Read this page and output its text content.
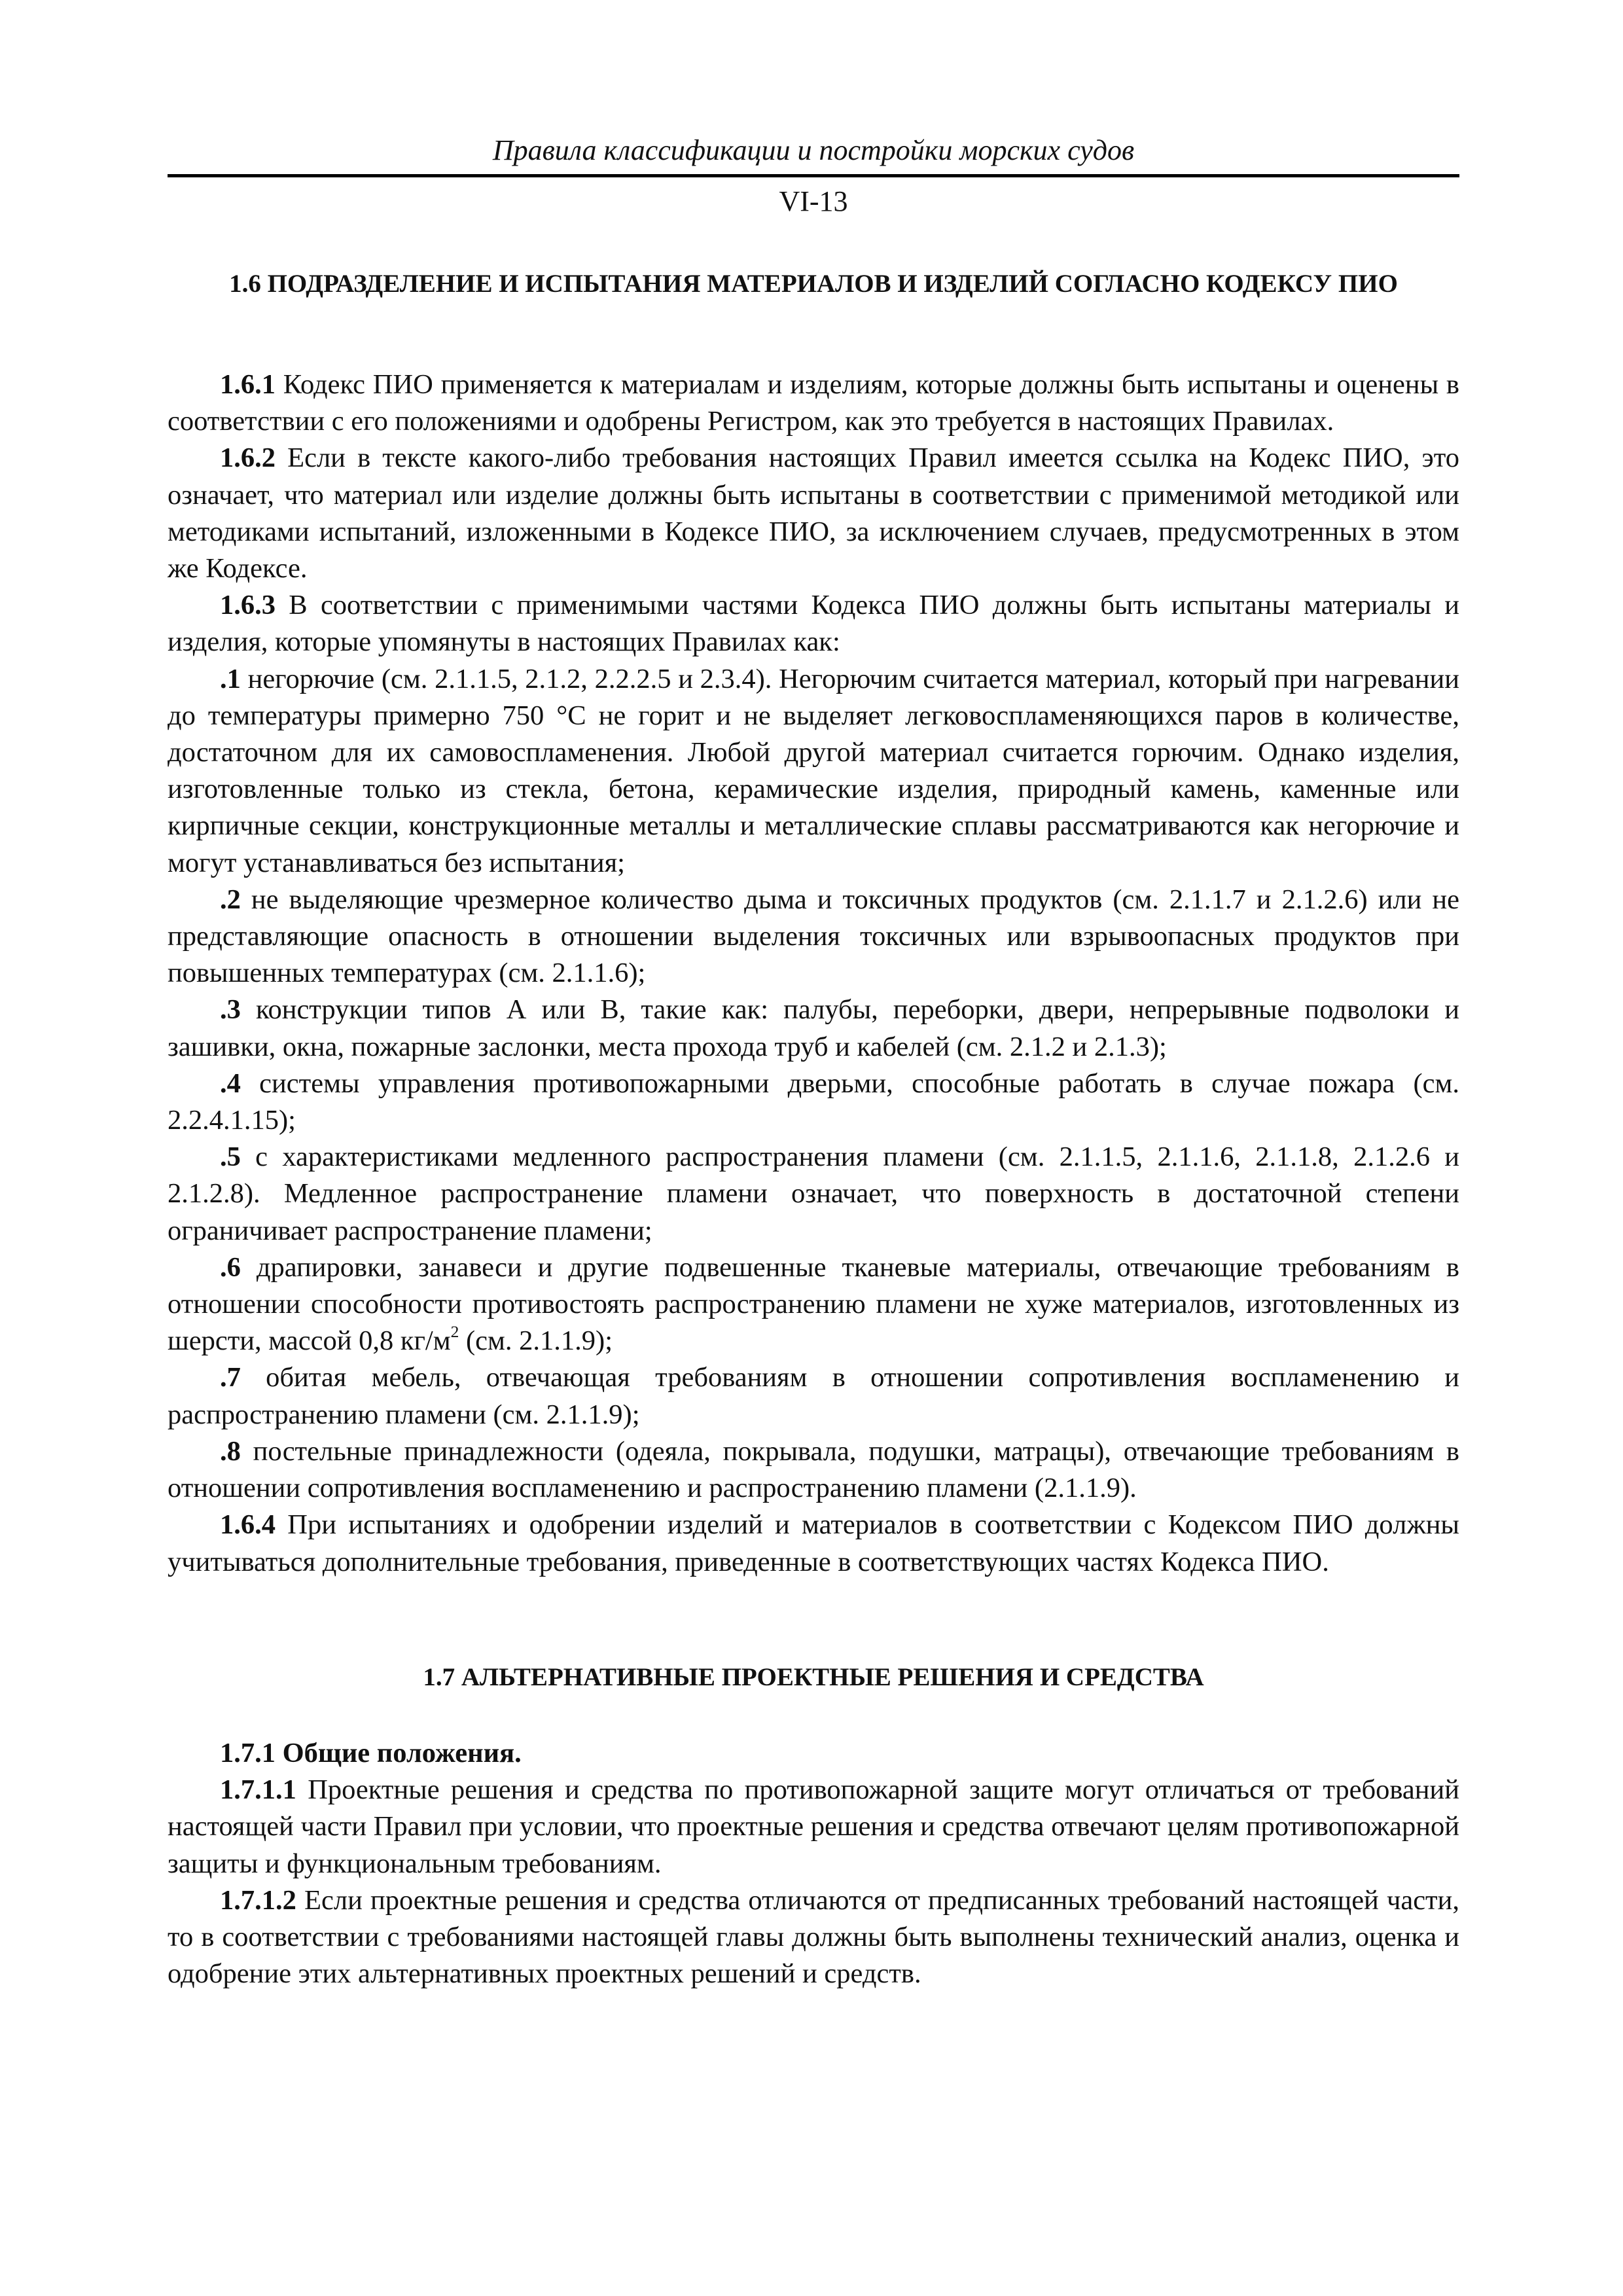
Правила классификации и постройки морских судов
VI-13
1.6 ПОДРАЗДЕЛЕНИЕ И ИСПЫТАНИЯ МАТЕРИАЛОВ И ИЗДЕЛИЙ СОГЛАСНО КОДЕКСУ ПИО

1.6.1 Кодекс ПИО применяется к материалам и изделиям, которые должны быть испытаны и оценены в соответствии с его положениями и одобрены Регистром, как это требуется в настоящих Правилах.

1.6.2 Если в тексте какого-либо требования настоящих Правил имеется ссылка на Кодекс ПИО, это означает, что материал или изделие должны быть испытаны в соответствии с применимой методикой или методиками испытаний, изложенными в Кодексе ПИО, за исключением случаев, предусмотренных в этом же Кодексе.

1.6.3 В соответствии с применимыми частями Кодекса ПИО должны быть испытаны материалы и изделия, которые упомянуты в настоящих Правилах как:

.1 негорючие (см. 2.1.1.5, 2.1.2, 2.2.2.5 и 2.3.4). Негорючим считается материал, который при нагревании до температуры примерно 750 °С не горит и не выделяет легковоспламеняющихся паров в количестве, достаточном для их самовоспламенения. Любой другой материал считается горючим. Однако изделия, изготовленные только из стекла, бетона, керамические изделия, природный камень, каменные или кирпичные секции, конструкционные металлы и металлические сплавы рассматриваются как негорючие и могут устанавливаться без испытания;

.2 не выделяющие чрезмерное количество дыма и токсичных продуктов (см. 2.1.1.7 и 2.1.2.6) или не представляющие опасность в отношении выделения токсичных или взрывоопасных продуктов при повышенных температурах (см. 2.1.1.6);

.3 конструкции типов А или В, такие как: палубы, переборки, двери, непрерывные подволоки и зашивки, окна, пожарные заслонки, места прохода труб и кабелей (см. 2.1.2 и 2.1.3);

.4 системы управления противопожарными дверьми, способные работать в случае пожара (см. 2.2.4.1.15);

.5 с характеристиками медленного распространения пламени (см. 2.1.1.5, 2.1.1.6, 2.1.1.8, 2.1.2.6 и 2.1.2.8). Медленное распространение пламени означает, что поверхность в достаточной степени ограничивает распространение пламени;

.6 драпировки, занавеси и другие подвешенные тканевые материалы, отвечающие требованиям в отношении способности противостоять распространению пламени не хуже материалов, изготовленных из шерсти, массой 0,8 $кг/м^2$ (см. 2.1.1.9);

.7 обитая мебель, отвечающая требованиям в отношении сопротивления воспламенению и распространению пламени (см. 2.1.1.9);

.8 постельные принадлежности (одеяла, покрывала, подушки, матрацы), отвечающие требованиям в отношении сопротивления воспламенению и распространению пламени (2.1.1.9).

1.6.4 При испытаниях и одобрении изделий и материалов в соответствии с Кодексом ПИО должны учитываться дополнительные требования, приведенные в соответствующих частях Кодекса ПИО.

1.7 АЛЬТЕРНАТИВНЫЕ ПРОЕКТНЫЕ РЕШЕНИЯ И СРЕДСТВА

1.7.1 Общие положения.

1.7.1.1 Проектные решения и средства по противопожарной защите могут отличаться от требований настоящей части Правил при условии, что проектные решения и средства отвечают целям противопожарной защиты и функциональным требованиям.

1.7.1.2 Если проектные решения и средства отличаются от предписанных требований настоящей части, то в соответствии с требованиями настоящей главы должны быть выполнены технический анализ, оценка и одобрение этих альтернативных проектных решений и средств.
